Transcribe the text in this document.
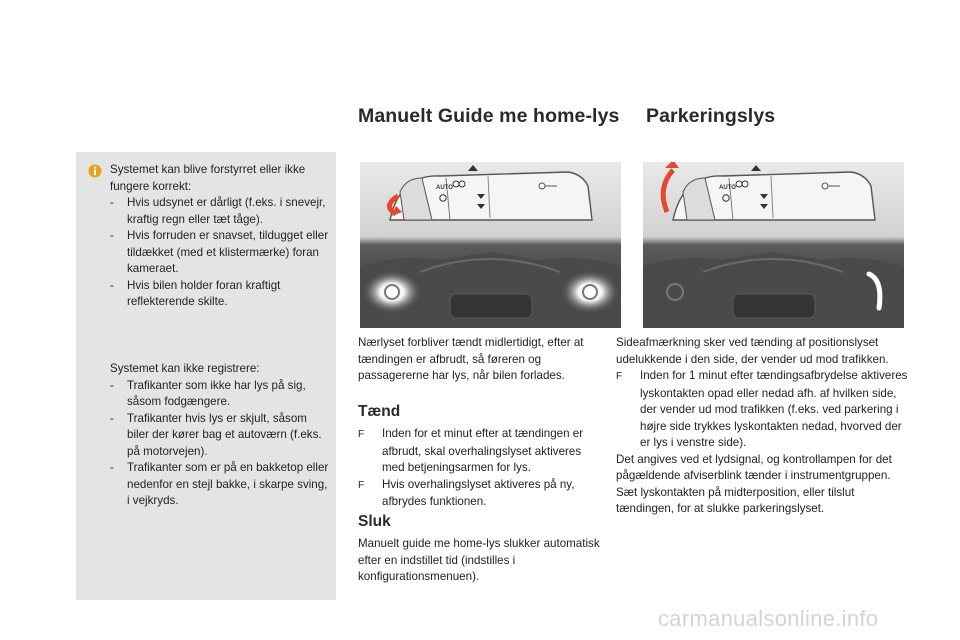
Systemet kan blive forstyrret eller ikke fungere korrekt:

- Hvis udsynet er dårligt (f.eks. i snevejr, kraftig regn eller tæt tåge).

- Hvis forruden er snavset, tildugget eller tildækket (med et klistermærke) foran kameraet.

- Hvis bilen holder foran kraftigt reflekterende skilte.

Systemet kan ikke registrere:

- Trafikanter som ikke har lys på sig, såsom fodgængere.

- Trafikanter hvis lys er skjult, såsom biler der kører bag et autoværn (f.eks. på motorvejen).

- Trafikanter som er på en bakketop eller nedenfor en stejl bakke, i skarpe sving, i vejkryds.

Manuelt Guide me home-lys Parkeringslys
AUTO	AUTO

Nærlyset forbliver tændt midlertidigt, efter at tændingen er afbrudt, så føreren og passagererne har lys, når bilen forlades.

Tænd

F Inden for et minut efter at tændingen er afbrudt, skal overhalingslyset aktiveres med betjeningsarmen for lys.

F Hvis overhalingslyset aktiveres på ny, afbrydes funktionen.

Sluk

Manuelt guide me home-lys slukker automatisk efter en indstillet tid (indstilles i konfigurationsmenuen).

Sideafmærkning sker ved tænding af positionslyset udelukkende i den side, der vender ud mod trafikken.

F Inden for 1 minut efter tændingsafbrydelse aktiveres lyskontakten opad eller nedad afh. af hvilken side, der vender ud mod trafikken (f.eks. ved parkering i højre side trykkes lyskontakten nedad, hvorved der er lys i venstre side).

Det angives ved et lydsignal, og kontrollampen for det pågældende afviserblink tænder i instrumentgruppen.

Sæt lyskontakten på midterposition, eller tilslut tændingen, for at slukke parkeringslyset.

carmanualsonline.info
